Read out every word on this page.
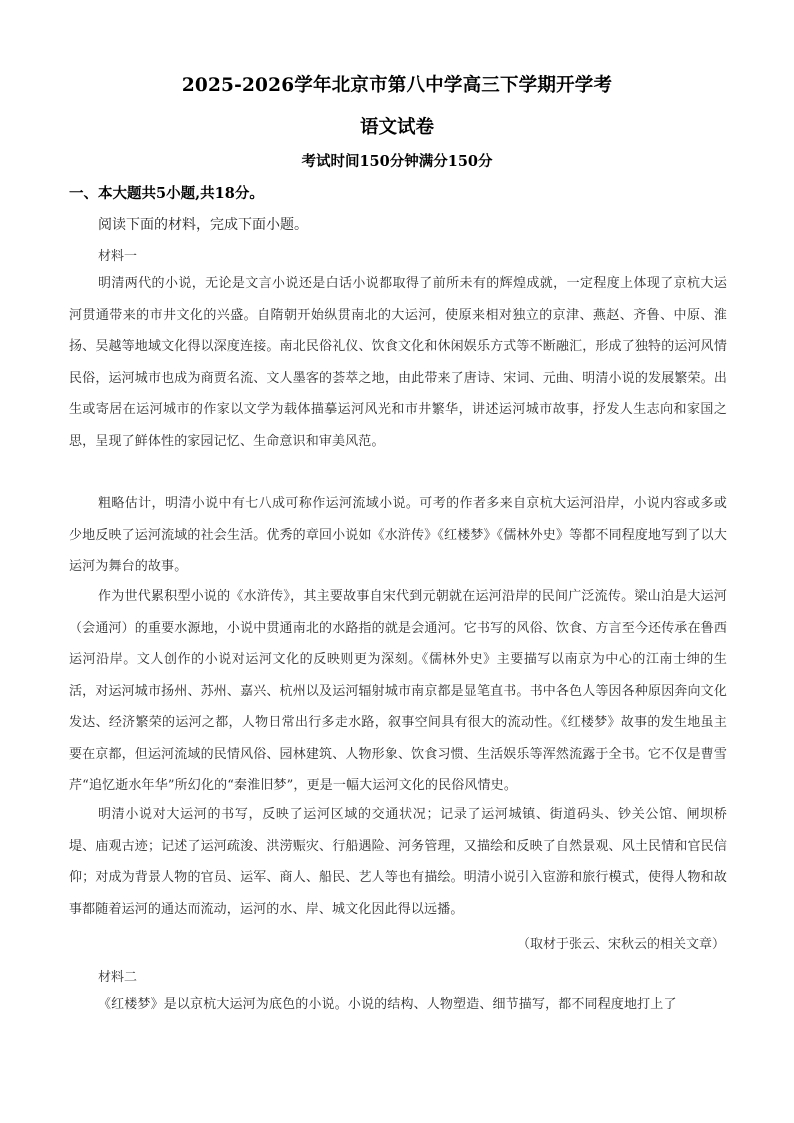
2025-2026学年北京市第八中学高三下学期开学考
语文试卷
考试时间150分钟满分150分
一、本大题共5小题,共18分。
阅读下面的材料，完成下面小题。
材料一

明清两代的小说，无论是文言小说还是白话小说都取得了前所未有的辉煌成就，一定程度上体现了京杭大运河贯通带来的市井文化的兴盛。自隋朝开始纵贯南北的大运河，使原来相对独立的京津、燕赵、齐鲁、中原、淮扬、吴越等地域文化得以深度连接。南北民俗礼仪、饮食文化和休闲娱乐方式等不断融汇，形成了独特的运河风情民俗，运河城市也成为商贾名流、文人墨客的荟萃之地，由此带来了唐诗、宋词、元曲、明清小说的发展繁荣。出生或寄居在运河城市的作家以文学为载体描摹运河风光和市井繁华，讲述运河城市故事，抒发人生志向和家国之思，呈现了鲜体性的家园记忆、生命意识和审美风范。

粗略估计，明清小说中有七八成可称作运河流域小说。可考的作者多来自京杭大运河沿岸，小说内容或多或少地反映了运河流域的社会生活。优秀的章回小说如《水浒传》《红楼梦》《儒林外史》等都不同程度地写到了以大运河为舞台的故事。

作为世代累积型小说的《水浒传》，其主要故事自宋代到元朝就在运河沿岸的民间广泛流传。梁山泊是大运河（会通河）的重要水源地，小说中贯通南北的水路指的就是会通河。它书写的风俗、饮食、方言至今还传承在鲁西运河沿岸。文人创作的小说对运河文化的反映则更为深刻。《儒林外史》主要描写以南京为中心的江南士绅的生活，对运河城市扬州、苏州、嘉兴、杭州以及运河辐射城市南京都是显笔直书。书中各色人等因各种原因奔向文化发达、经济繁荣的运河之都，人物日常出行多走水路，叙事空间具有很大的流动性。《红楼梦》故事的发生地虽主要在京都，但运河流域的民情风俗、园林建筑、人物形象、饮食习惯、生活娱乐等浑然流露于全书。它不仅是曹雪芹“追忆逝水年华”所幻化的“秦淮旧梦”，更是一幅大运河文化的民俗风情史。

明清小说对大运河的书写，反映了运河区域的交通状况；记录了运河城镇、街道码头、钞关公馆、闸坝桥堤、庙观古迹；记述了运河疏浚、洪涝赈灾、行船遇险、河务管理，又描绘和反映了自然景观、风土民情和官民信仰；对成为背景人物的官员、运军、商人、船民、艺人等也有描绘。明清小说引入宦游和旅行模式，使得人物和故事都随着运河的通达而流动，运河的水、岸、城文化因此得以远播。

（取材于张云、宋秋云的相关文章）
材料二

《红楼梦》是以京杭大运河为底色的小说。小说的结构、人物塑造、细节描写，都不同程度地打上了
